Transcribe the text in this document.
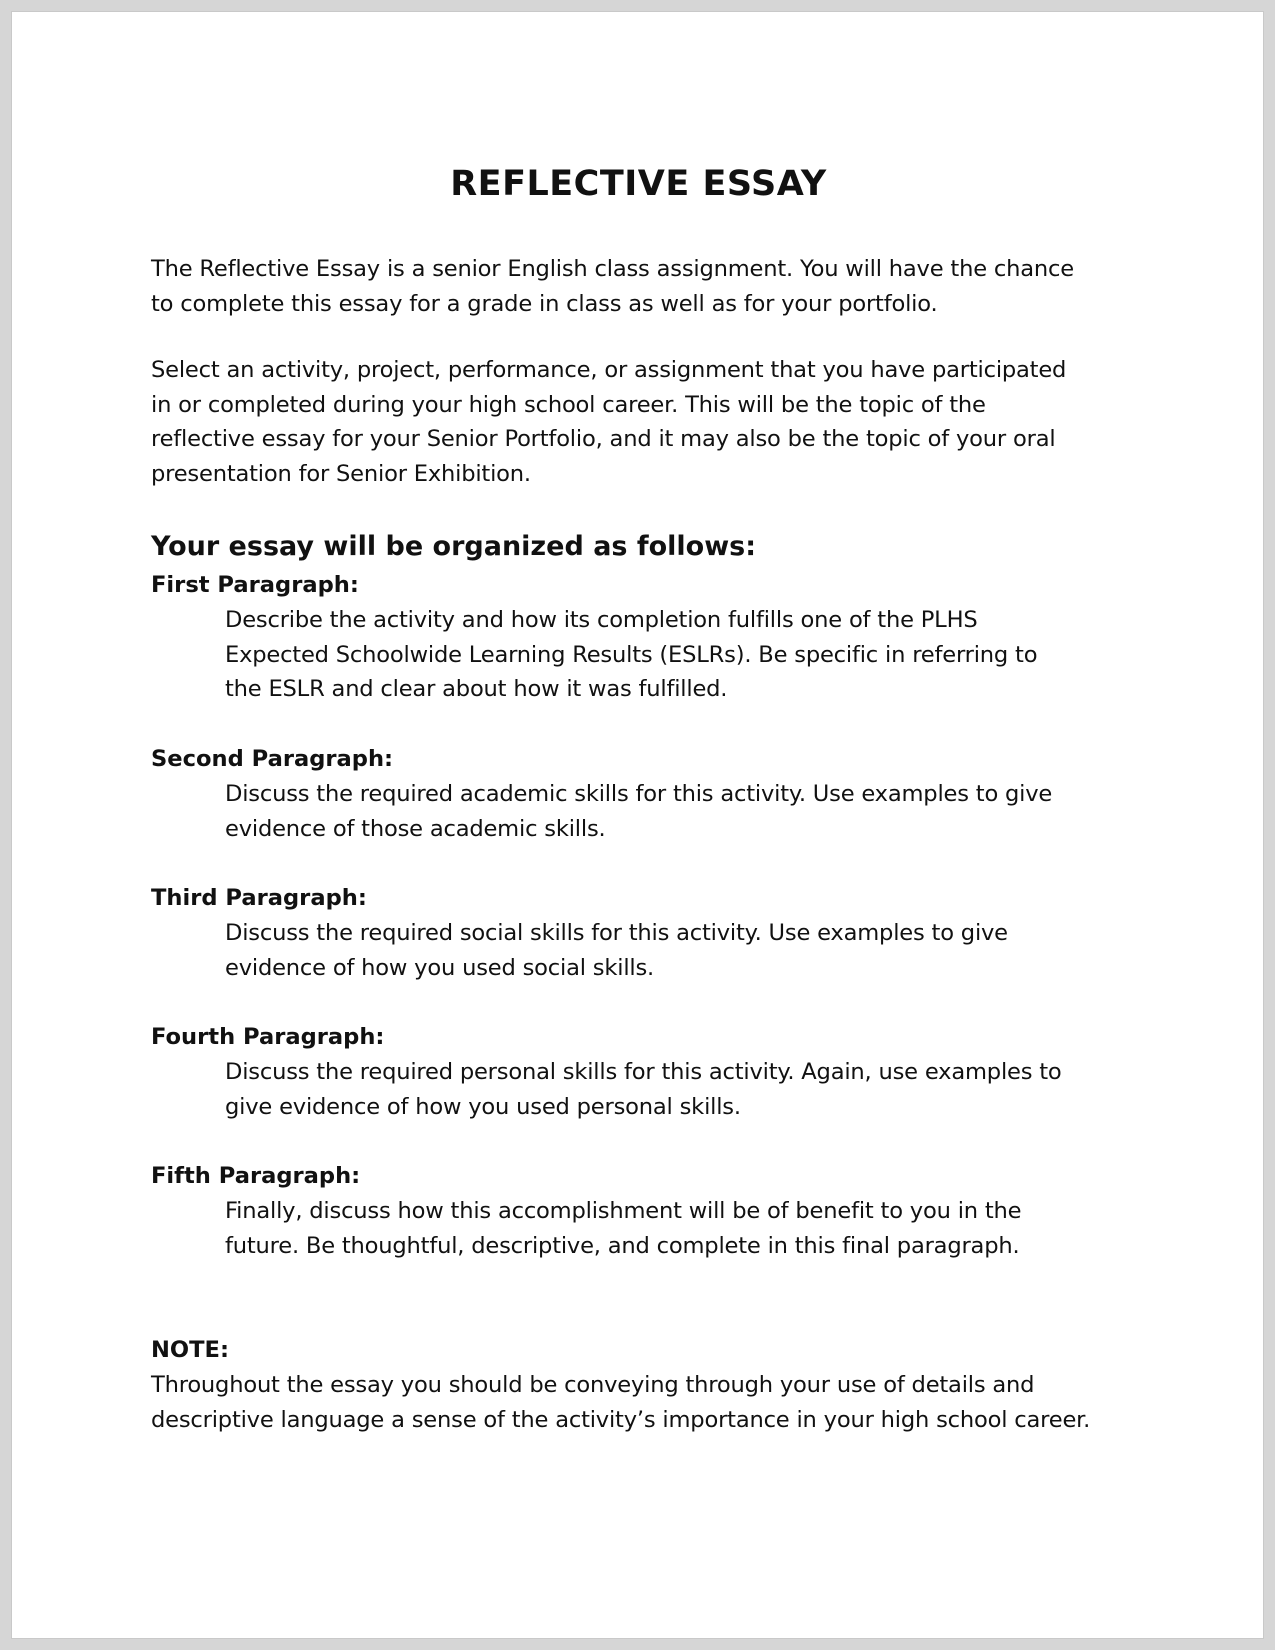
REFLECTIVE ESSAY

The Reflective Essay is a senior English class assignment. You will have the chance
to complete this essay for a grade in class as well as for your portfolio.

Select an activity, project, performance, or assignment that you have participated
in or completed during your high school career. This will be the topic of the
reflective essay for your Senior Portfolio, and it may also be the topic of your oral
presentation for Senior Exhibition.

Your essay will be organized as follows:
First Paragraph:

Describe the activity and how its completion fulfills one of the PLHS
Expected Schoolwide Learning Results (ESLRs). Be specific in referring to
the ESLR and clear about how it was fulfilled.

Second Paragraph:

Discuss the required academic skills for this activity. Use examples to give
evidence of those academic skills.

Third Paragraph:

Discuss the required social skills for this activity. Use examples to give
evidence of how you used social skills.

Fourth Paragraph:

Discuss the required personal skills for this activity. Again, use examples to
give evidence of how you used personal skills.

Fifth Paragraph:

Finally, discuss how this accomplishment will be of benefit to you in the
future. Be thoughtful, descriptive, and complete in this final paragraph.

NOTE:

Throughout the essay you should be conveying through your use of details and
descriptive language a sense of the activity’s importance in your high school career.
